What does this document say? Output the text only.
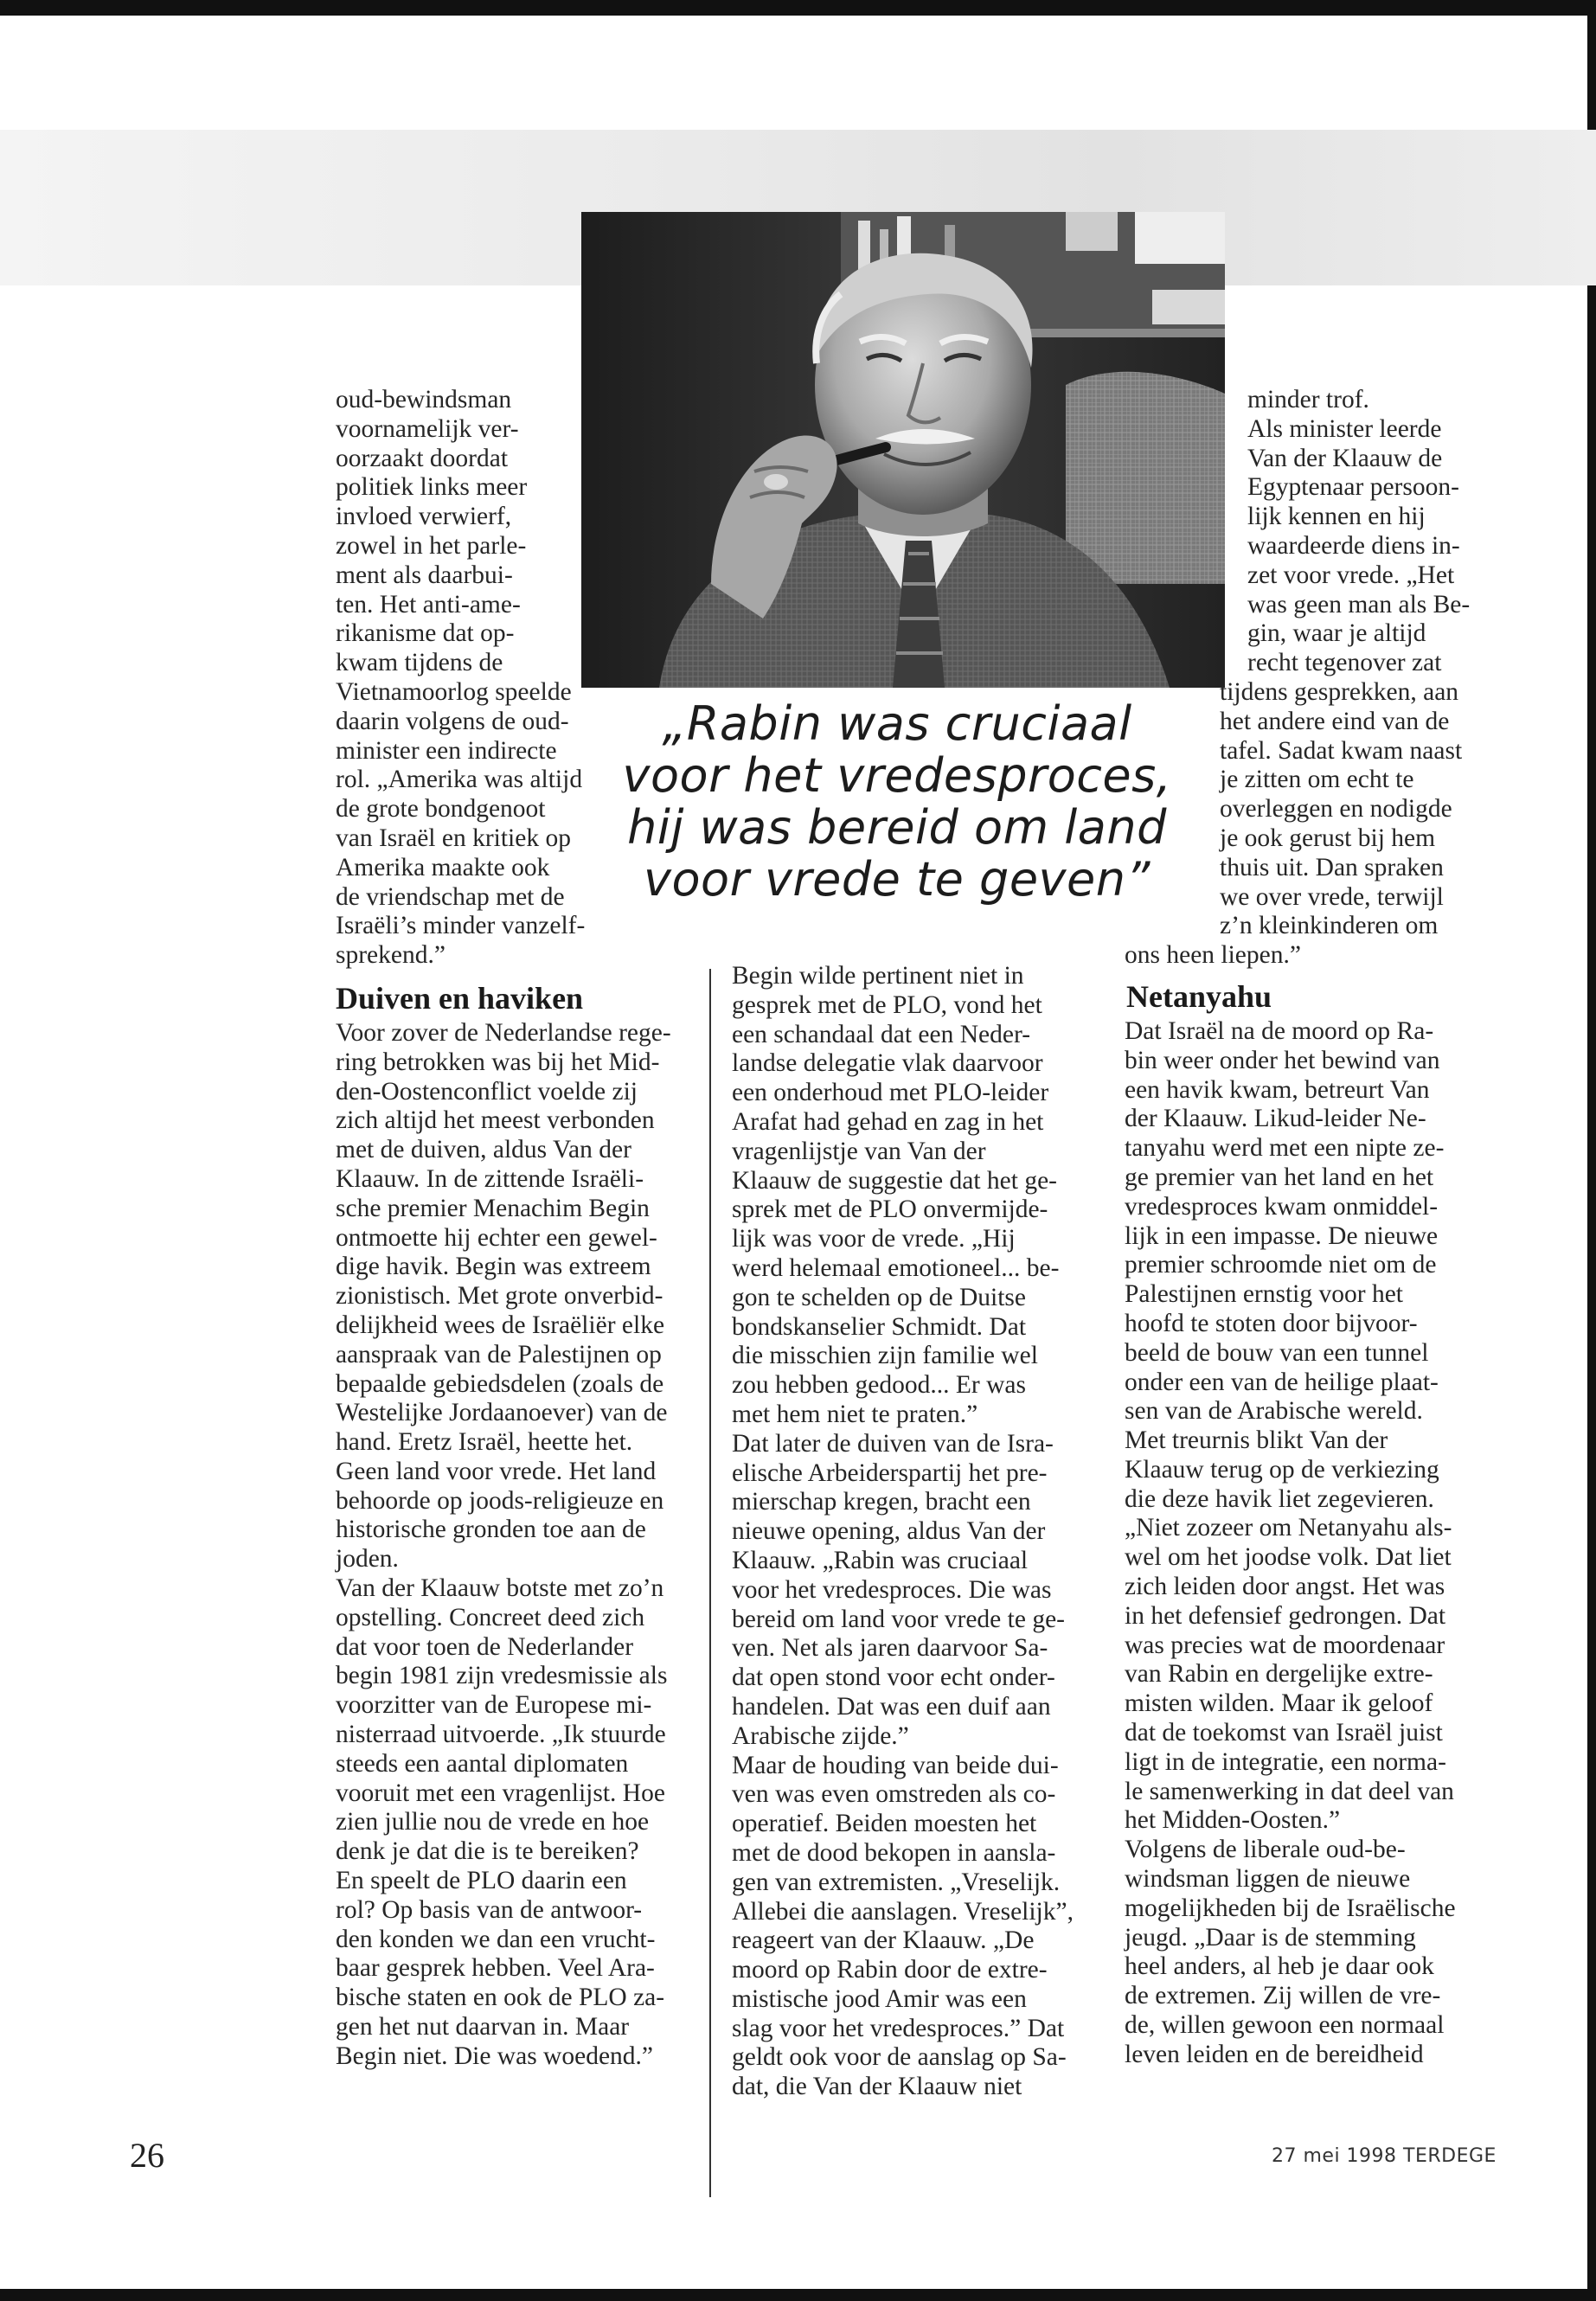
„Rabin was cruciaal
voor het vredesproces,
hij was bereid om land
voor vrede te geven”

oud-bewindsman
voornamelijk ver-
oorzaakt doordat
politiek links meer
invloed verwierf,
zowel in het parle-
ment als daarbui-
ten. Het anti-ame-
rikanisme dat op-
kwam tijdens de
Vietnamoorlog speelde
daarin volgens de oud-
minister een indirecte
rol. „Amerika was altijd
de grote bondgenoot
van Israël en kritiek op
Amerika maakte ook
de vriendschap met de
Israëli’s minder vanzelf-
sprekend.”

Duiven en haviken

Voor zover de Nederlandse rege-
ring betrokken was bij het Mid-
den-Oostenconflict voelde zij
zich altijd het meest verbonden
met de duiven, aldus Van der
Klaauw. In de zittende Israëli-
sche premier Menachim Begin
ontmoette hij echter een gewel-
dige havik. Begin was extreem
zionistisch. Met grote onverbid-
delijkheid wees de Israëliër elke
aanspraak van de Palestijnen op
bepaalde gebiedsdelen (zoals de
Westelijke Jordaanoever) van de
hand. Eretz Israël, heette het.
Geen land voor vrede. Het land
behoorde op joods-religieuze en
historische gronden toe aan de
joden.

Van der Klaauw botste met zo’n
opstelling. Concreet deed zich
dat voor toen de Nederlander
begin 1981 zijn vredesmissie als
voorzitter van de Europese mi-
nisterraad uitvoerde. „Ik stuurde
steeds een aantal diplomaten
vooruit met een vragenlijst. Hoe
zien jullie nou de vrede en hoe
denk je dat die is te bereiken?
En speelt de PLO daarin een
rol? Op basis van de antwoor-
den konden we dan een vrucht-
baar gesprek hebben. Veel Ara-
bische staten en ook de PLO za-
gen het nut daarvan in. Maar
Begin niet. Die was woedend.”

Begin wilde pertinent niet in
gesprek met de PLO, vond het
een schandaal dat een Neder-
landse delegatie vlak daarvoor
een onderhoud met PLO-leider
Arafat had gehad en zag in het
vragenlijstje van Van der
Klaauw de suggestie dat het ge-
sprek met de PLO onvermijde-
lijk was voor de vrede. „Hij
werd helemaal emotioneel... be-
gon te schelden op de Duitse
bondskanselier Schmidt. Dat
die misschien zijn familie wel
zou hebben gedood... Er was
met hem niet te praten.”

Dat later de duiven van de Isra-
elische Arbeiderspartij het pre-
mierschap kregen, bracht een
nieuwe opening, aldus Van der
Klaauw. „Rabin was cruciaal
voor het vredesproces. Die was
bereid om land voor vrede te ge-
ven. Net als jaren daarvoor Sa-
dat open stond voor echt onder-
handelen. Dat was een duif aan
Arabische zijde.”

Maar de houding van beide dui-
ven was even omstreden als co-
operatief. Beiden moesten het
met de dood bekopen in aansla-
gen van extremisten. „Vreselijk.
Allebei die aanslagen. Vreselijk”,
reageert van der Klaauw. „De
moord op Rabin door de extre-
mistische jood Amir was een
slag voor het vredesproces.” Dat
geldt ook voor de aanslag op Sa-
dat, die Van der Klaauw niet

minder trof.

Als minister leerde
Van der Klaauw de
Egyptenaar persoon-
lijk kennen en hij
waardeerde diens in-
zet voor vrede. „Het
was geen man als Be-
gin, waar je altijd
recht tegenover zat
tijdens gesprekken, aan
het andere eind van de
tafel. Sadat kwam naast
je zitten om echt te
overleggen en nodigde
je ook gerust bij hem
thuis uit. Dan spraken
we over vrede, terwijl
z’n kleinkinderen om
ons heen liepen.”

Netanyahu

Dat Israël na de moord op Ra-
bin weer onder het bewind van
een havik kwam, betreurt Van
der Klaauw. Likud-leider Ne-
tanyahu werd met een nipte ze-
ge premier van het land en het
vredesproces kwam onmiddel-
lijk in een impasse. De nieuwe
premier schroomde niet om de
Palestijnen ernstig voor het
hoofd te stoten door bijvoor-
beeld de bouw van een tunnel
onder een van de heilige plaat-
sen van de Arabische wereld.

Met treurnis blikt Van der
Klaauw terug op de verkiezing
die deze havik liet zegevieren.
„Niet zozeer om Netanyahu als-
wel om het joodse volk. Dat liet
zich leiden door angst. Het was
in het defensief gedrongen. Dat
was precies wat de moordenaar
van Rabin en dergelijke extre-
misten wilden. Maar ik geloof
dat de toekomst van Israël juist
ligt in de integratie, een norma-
le samenwerking in dat deel van
het Midden-Oosten.”

Volgens de liberale oud-be-
windsman liggen de nieuwe
mogelijkheden bij de Israëlische
jeugd. „Daar is de stemming
heel anders, al heb je daar ook
de extremen. Zij willen de vre-
de, willen gewoon een normaal
leven leiden en de bereidheid

26	27 mei 1998 TERDEGE
